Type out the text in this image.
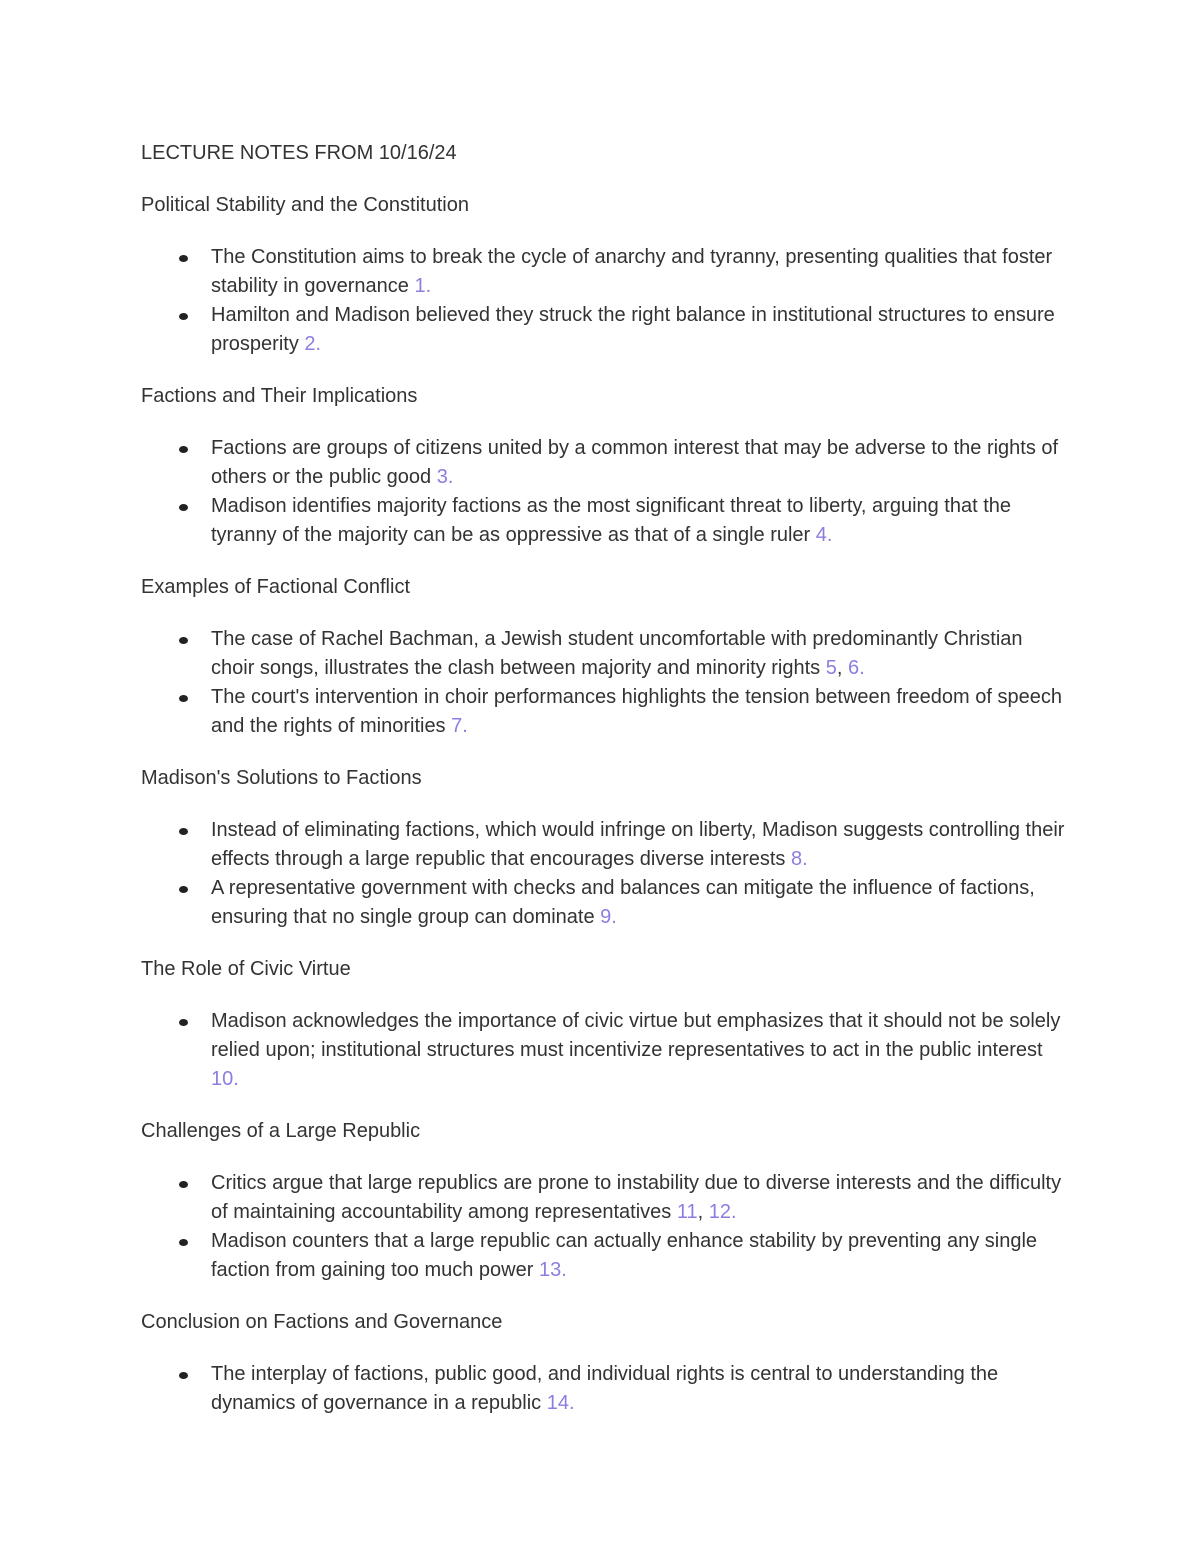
LECTURE NOTES FROM 10/16/24
Political Stability and the Constitution
The Constitution aims to break the cycle of anarchy and tyranny, presenting qualities that foster stability in governance 1.
Hamilton and Madison believed they struck the right balance in institutional structures to ensure prosperity 2.
Factions and Their Implications
Factions are groups of citizens united by a common interest that may be adverse to the rights of others or the public good 3.
Madison identifies majority factions as the most significant threat to liberty, arguing that the tyranny of the majority can be as oppressive as that of a single ruler 4.
Examples of Factional Conflict
The case of Rachel Bachman, a Jewish student uncomfortable with predominantly Christian choir songs, illustrates the clash between majority and minority rights 5, 6.
The court's intervention in choir performances highlights the tension between freedom of speech and the rights of minorities 7.
Madison's Solutions to Factions
Instead of eliminating factions, which would infringe on liberty, Madison suggests controlling their effects through a large republic that encourages diverse interests 8.
A representative government with checks and balances can mitigate the influence of factions, ensuring that no single group can dominate 9.
The Role of Civic Virtue
Madison acknowledges the importance of civic virtue but emphasizes that it should not be solely relied upon; institutional structures must incentivize representatives to act in the public interest 10.
Challenges of a Large Republic
Critics argue that large republics are prone to instability due to diverse interests and the difficulty of maintaining accountability among representatives 11, 12.
Madison counters that a large republic can actually enhance stability by preventing any single faction from gaining too much power 13.
Conclusion on Factions and Governance
The interplay of factions, public good, and individual rights is central to understanding the dynamics of governance in a republic 14.
